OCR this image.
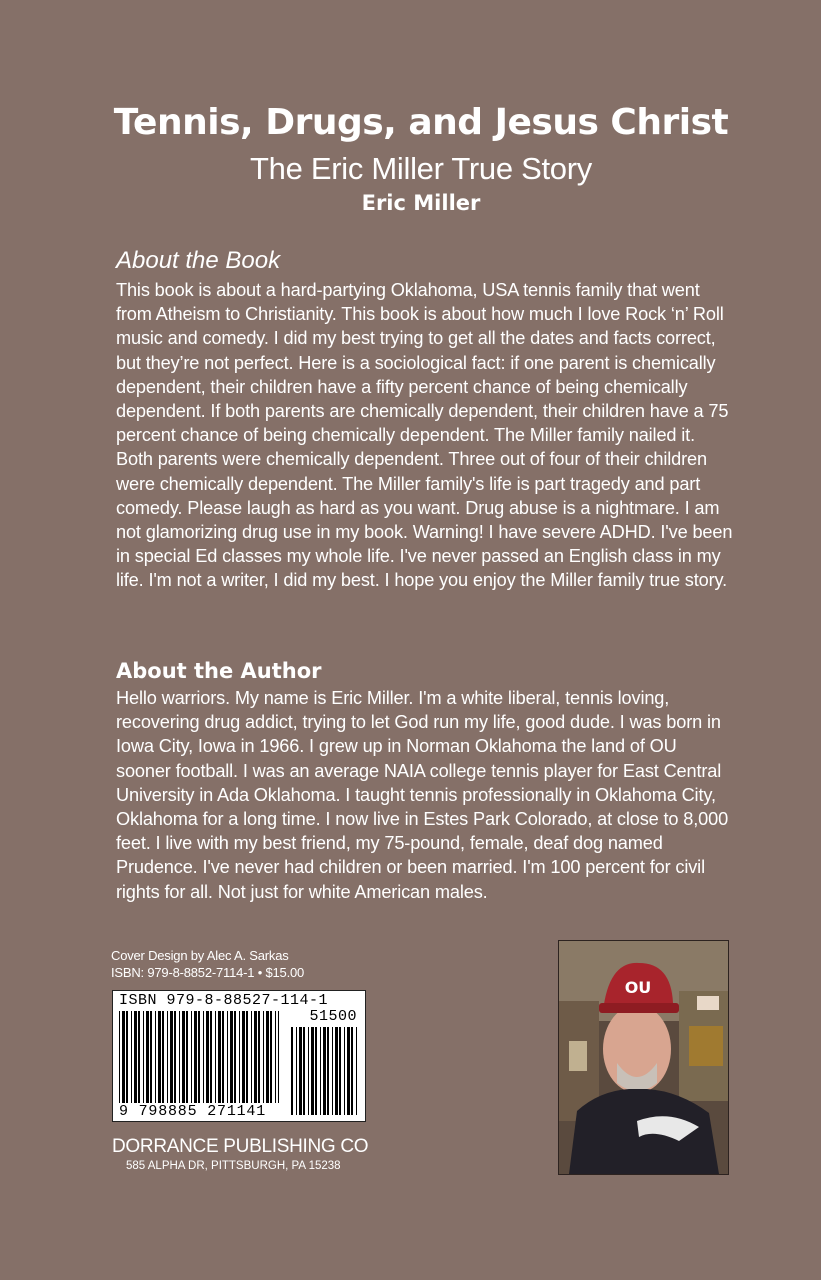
Tennis, Drugs, and Jesus Christ
The Eric Miller True Story
Eric Miller
About the Book
This book is about a hard-partying Oklahoma, USA tennis family that went from Atheism to Christianity. This book is about how much I love Rock ‘n’ Roll music and comedy. I did my best trying to get all the dates and facts correct, but they’re not perfect. Here is a sociological fact: if one parent is chemically dependent, their children have a fifty percent chance of being chemically dependent. If both parents are chemically dependent, their children have a 75 percent chance of being chemically dependent. The Miller family nailed it. Both parents were chemically dependent. Three out of four of their children were chemically dependent. The Miller family's life is part tragedy and part comedy. Please laugh as hard as you want. Drug abuse is a nightmare. I am not glamorizing drug use in my book. Warning! I have severe ADHD. I've been in special Ed classes my whole life. I've never passed an English class in my life. I'm not a writer, I did my best. I hope you enjoy the Miller family true story.
About the Author
Hello warriors. My name is Eric Miller. I'm a white liberal, tennis loving, recovering drug addict, trying to let God run my life, good dude. I was born in Iowa City, Iowa in 1966. I grew up in Norman Oklahoma the land of OU sooner football. I was an average NAIA college tennis player for East Central University in Ada Oklahoma. I taught tennis professionally in Oklahoma City, Oklahoma for a long time. I now live in Estes Park Colorado, at close to 8,000 feet. I live with my best friend, my 75-pound, female, deaf dog named Prudence. I've never had children or been married. I'm 100 percent for civil rights for all. Not just for white American males.
Cover Design by Alec A. Sarkas
ISBN: 979-8-8852-7114-1 • $15.00
ISBN 979-8-88527-114-1
51500
9 798885 271141
DORRANCE PUBLISHING CO
585 ALPHA DR, PITTSBURGH, PA 15238
OU
